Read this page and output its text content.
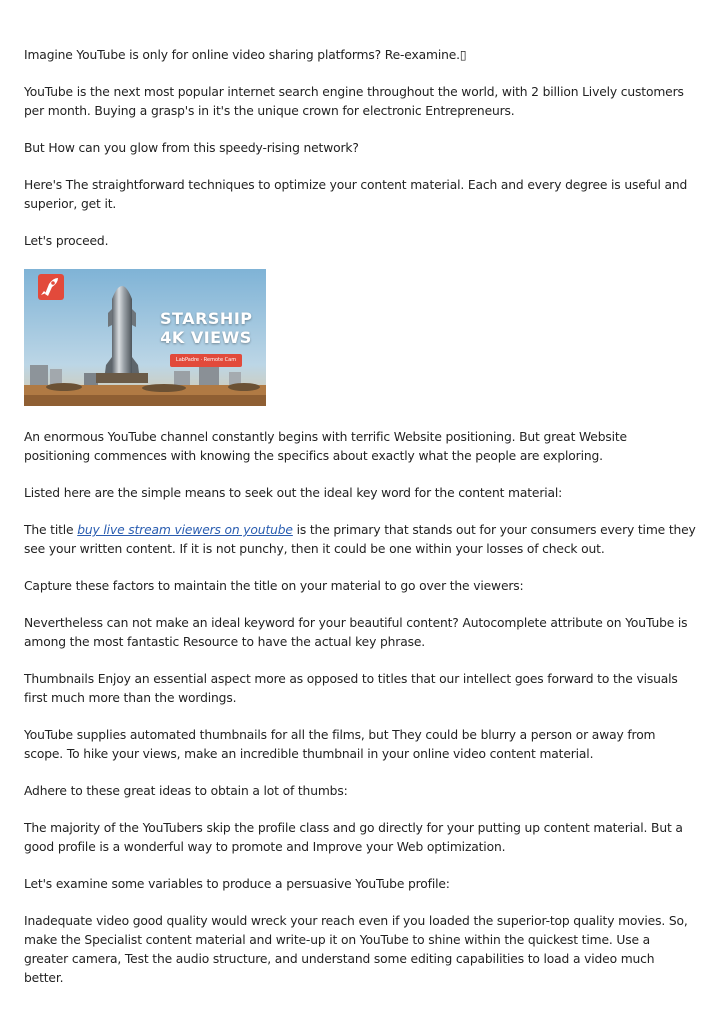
Imagine YouTube is only for online video sharing platforms? Re-examine.▯

YouTube is the next most popular internet search engine throughout the world, with 2 billion Lively customers per month. Buying a grasp's in it's the unique crown for electronic Entrepreneurs.

But How can you glow from this speedy-rising network?

Here's The straightforward techniques to optimize your content material. Each and every degree is useful and superior, get it.

Let's proceed.

STARSHIP
4K VIEWS
LabPadre · Remote Cam

An enormous YouTube channel constantly begins with terrific Website positioning. But great Website positioning commences with knowing the specifics about exactly what the people are exploring.

Listed here are the simple means to seek out the ideal key word for the content material:

The title buy live stream viewers on youtube is the primary that stands out for your consumers every time they see your written content. If it is not punchy, then it could be one within your losses of check out.

Capture these factors to maintain the title on your material to go over the viewers:

Nevertheless can not make an ideal keyword for your beautiful content? Autocomplete attribute on YouTube is among the most fantastic Resource to have the actual key phrase.

Thumbnails Enjoy an essential aspect more as opposed to titles that our intellect goes forward to the visuals first much more than the wordings.

YouTube supplies automated thumbnails for all the films, but They could be blurry a person or away from scope. To hike your views, make an incredible thumbnail in your online video content material.

Adhere to these great ideas to obtain a lot of thumbs:

The majority of the YouTubers skip the profile class and go directly for your putting up content material. But a good profile is a wonderful way to promote and Improve your Web optimization.

Let's examine some variables to produce a persuasive YouTube profile:

Inadequate video good quality would wreck your reach even if you loaded the superior-top quality movies. So, make the Specialist content material and write-up it on YouTube to shine within the quickest time. Use a greater camera, Test the audio structure, and understand some editing capabilities to load a video much better.
